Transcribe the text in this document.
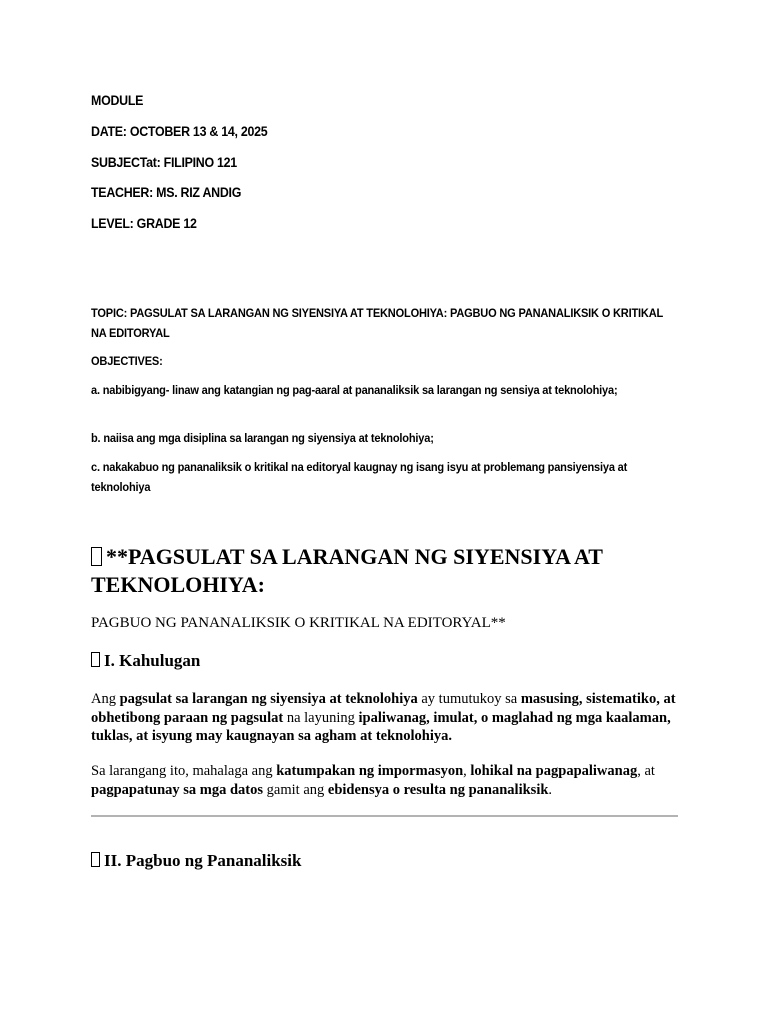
MODULE
DATE: OCTOBER 13 & 14, 2025
SUBJECTat: FILIPINO 121
TEACHER: MS. RIZ ANDIG
LEVEL: GRADE 12
TOPIC: PAGSULAT SA LARANGAN NG SIYENSIYA AT TEKNOLOHIYA: PAGBUO NG PANANALIKSIK O KRITIKAL NA EDITORYAL
OBJECTIVES:
a. nabibigyang- linaw ang katangian ng pag-aaral at pananaliksik sa larangan ng sensiya at teknolohiya;
b. naiisa ang mga disiplina sa larangan ng siyensiya at teknolohiya;
c. nakakabuo ng pananaliksik o kritikal na editoryal kaugnay ng isang isyu at problemang pansiyensiya at teknolohiya
**PAGSULAT SA LARANGAN NG SIYENSIYA AT TEKNOLOHIYA:
PAGBUO NG PANANALIKSIK O KRITIKAL NA EDITORYAL**
I. Kahulugan
Ang pagsulat sa larangan ng siyensiya at teknolohiya ay tumutukoy sa masusing, sistematiko, at obhetibong paraan ng pagsulat na layuning ipaliwanag, imulat, o maglahad ng mga kaalaman, tuklas, at isyung may kaugnayan sa agham at teknolohiya.
Sa larangang ito, mahalaga ang katumpakan ng impormasyon, lohikal na pagpapaliwanag, at pagpapatunay sa mga datos gamit ang ebidensya o resulta ng pananaliksik.
II. Pagbuo ng Pananaliksik
